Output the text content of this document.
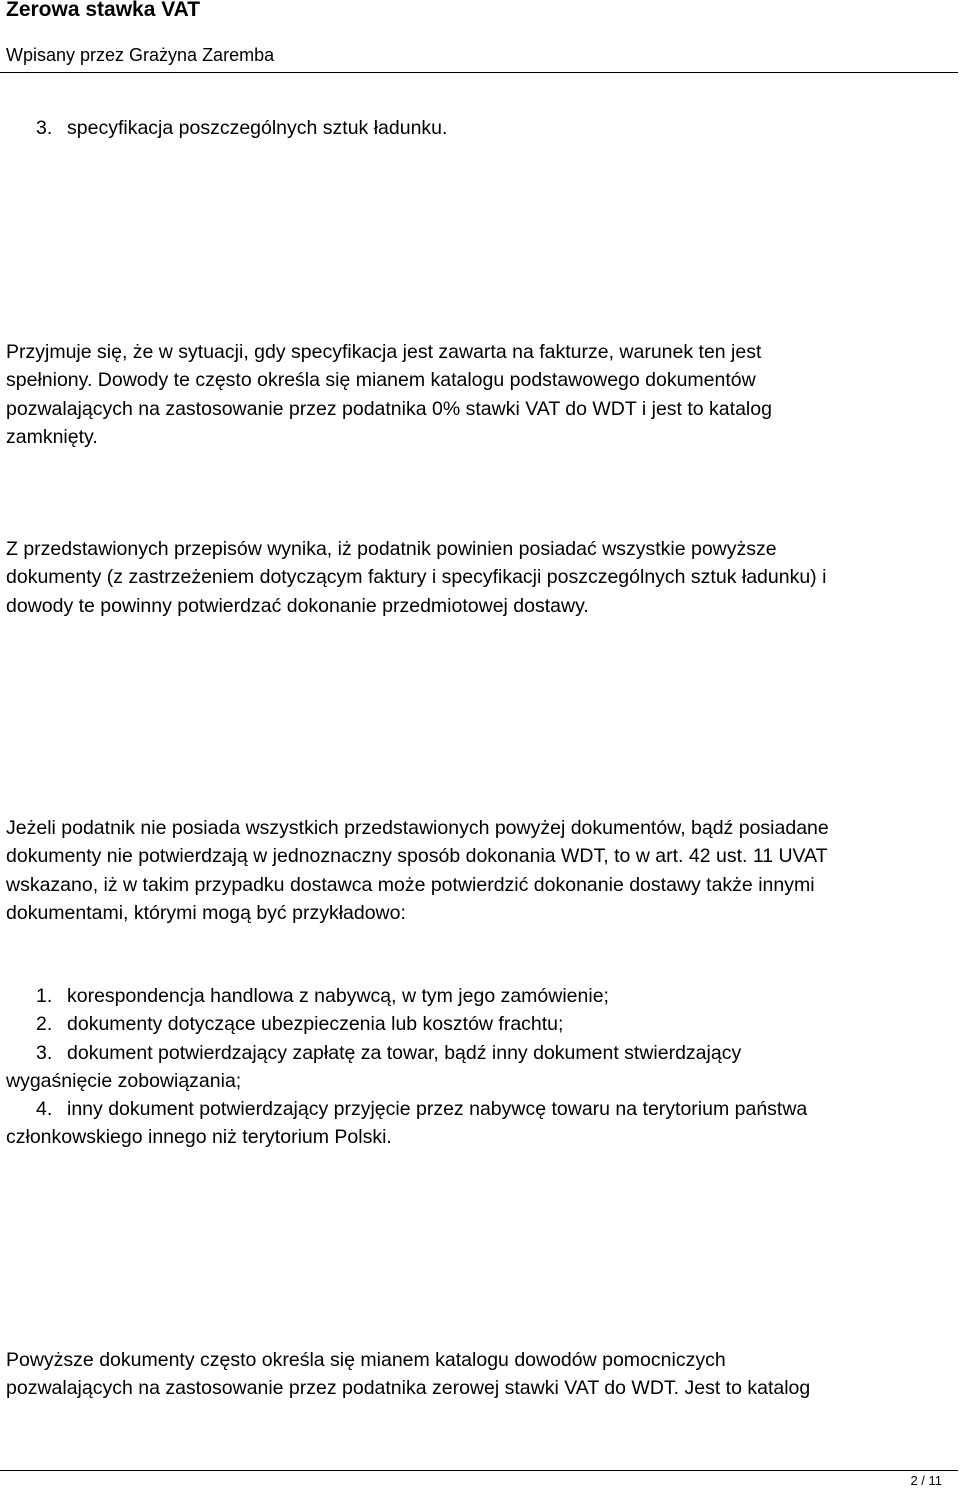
Zerowa stawka VAT
Wpisany przez Grażyna Zaremba
3. specyfikacja poszczególnych sztuk ładunku.
Przyjmuje się, że w sytuacji, gdy specyfikacja jest zawarta na fakturze, warunek ten jest
spełniony. Dowody te często określa się mianem katalogu podstawowego dokumentów
pozwalających na zastosowanie przez podatnika 0% stawki VAT do WDT i jest to katalog
zamknięty.
Z przedstawionych przepisów wynika, iż podatnik powinien posiadać wszystkie powyższe
dokumenty (z zastrzeżeniem dotyczącym faktury i specyfikacji poszczególnych sztuk ładunku) i
dowody te powinny potwierdzać dokonanie przedmiotowej dostawy.
Jeżeli podatnik nie posiada wszystkich przedstawionych powyżej dokumentów, bądź posiadane
dokumenty nie potwierdzają w jednoznaczny sposób dokonania WDT, to w art. 42 ust. 11 UVAT
wskazano, iż w takim przypadku dostawca może potwierdzić dokonanie dostawy także innymi
dokumentami, którymi mogą być przykładowo:
1. korespondencja handlowa z nabywcą, w tym jego zamówienie;
2. dokumenty dotyczące ubezpieczenia lub kosztów frachtu;
3. dokument potwierdzający zapłatę za towar, bądź inny dokument stwierdzający
wygaśnięcie zobowiązania;
4. inny dokument potwierdzający przyjęcie przez nabywcę towaru na terytorium państwa
członkowskiego innego niż terytorium Polski.
Powyższe dokumenty często określa się mianem katalogu dowodów pomocniczych
pozwalających na zastosowanie przez podatnika zerowej stawki VAT do WDT. Jest to katalog
2 / 11
